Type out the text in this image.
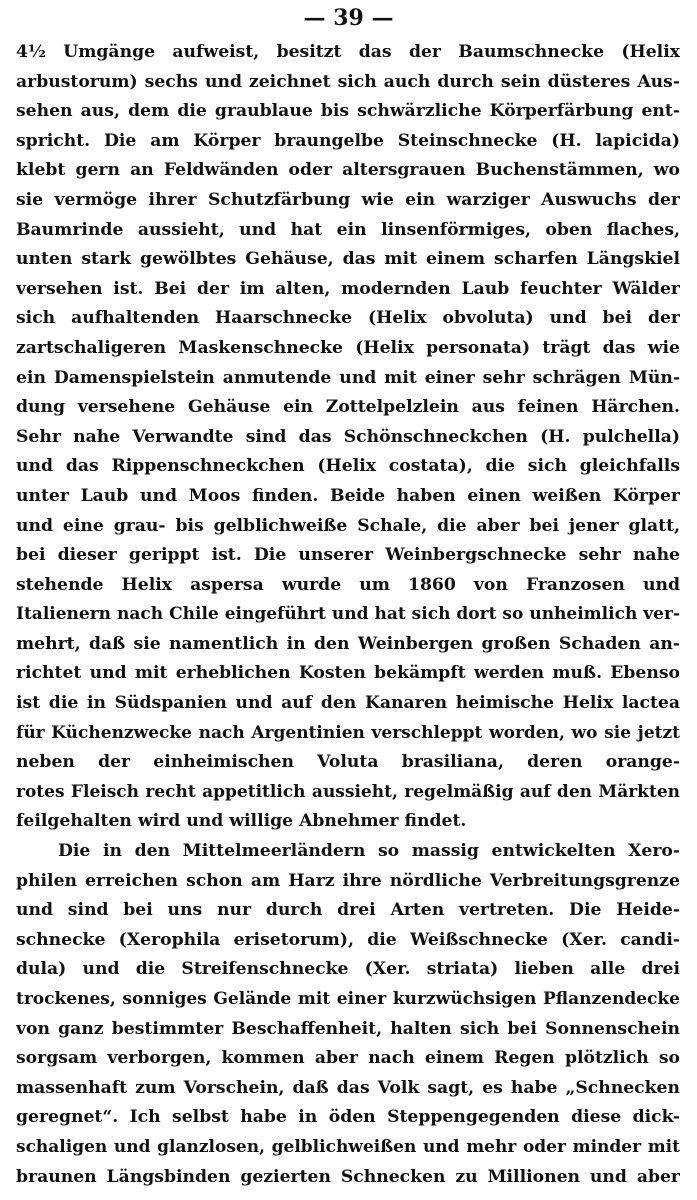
— 39 —
4½ Umgänge aufweist, besitzt das der Baumschnecke (Helix
arbustorum) sechs und zeichnet sich auch durch sein düsteres Aus-
sehen aus, dem die graublaue bis schwärzliche Körperfärbung ent-
spricht. Die am Körper braungelbe Steinschnecke (H. lapicida)
klebt gern an Feldwänden oder altersgrauen Buchenstämmen, wo
sie vermöge ihrer Schutzfärbung wie ein warziger Auswuchs der
Baumrinde aussieht, und hat ein linsenförmiges, oben flaches,
unten stark gewölbtes Gehäuse, das mit einem scharfen Längskiel
versehen ist. Bei der im alten, modernden Laub feuchter Wälder
sich aufhaltenden Haarschnecke (Helix obvoluta) und bei der
zartschaligeren Maskenschnecke (Helix personata) trägt das wie
ein Damenspielstein anmutende und mit einer sehr schrägen Mün-
dung versehene Gehäuse ein Zottelpelzlein aus feinen Härchen.
Sehr nahe Verwandte sind das Schönschneckchen (H. pulchella)
und das Rippenschneckchen (Helix costata), die sich gleichfalls
unter Laub und Moos finden. Beide haben einen weißen Körper
und eine grau- bis gelblichweiße Schale, die aber bei jener glatt,
bei dieser gerippt ist. Die unserer Weinbergschnecke sehr nahe
stehende Helix aspersa wurde um 1860 von Franzosen und
Italienern nach Chile eingeführt und hat sich dort so unheimlich ver-
mehrt, daß sie namentlich in den Weinbergen großen Schaden an-
richtet und mit erheblichen Kosten bekämpft werden muß. Ebenso
ist die in Südspanien und auf den Kanaren heimische Helix lactea
für Küchenzwecke nach Argentinien verschleppt worden, wo sie jetzt
neben der einheimischen Voluta brasiliana, deren orange-
rotes Fleisch recht appetitlich aussieht, regelmäßig auf den Märkten
feilgehalten wird und willige Abnehmer findet.
Die in den Mittelmeerländern so massig entwickelten Xero-
philen erreichen schon am Harz ihre nördliche Verbreitungsgrenze
und sind bei uns nur durch drei Arten vertreten. Die Heide-
schnecke (Xerophila erisetorum), die Weißschnecke (Xer. candi-
dula) und die Streifenschnecke (Xer. striata) lieben alle drei
trockenes, sonniges Gelände mit einer kurzwüchsigen Pflanzendecke
von ganz bestimmter Beschaffenheit, halten sich bei Sonnenschein
sorgsam verborgen, kommen aber nach einem Regen plötzlich so
massenhaft zum Vorschein, daß das Volk sagt, es habe „Schnecken
geregnet“. Ich selbst habe in öden Steppengegenden diese dick-
schaligen und glanzlosen, gelblichweißen und mehr oder minder mit
braunen Längsbinden gezierten Schnecken zu Millionen und aber
